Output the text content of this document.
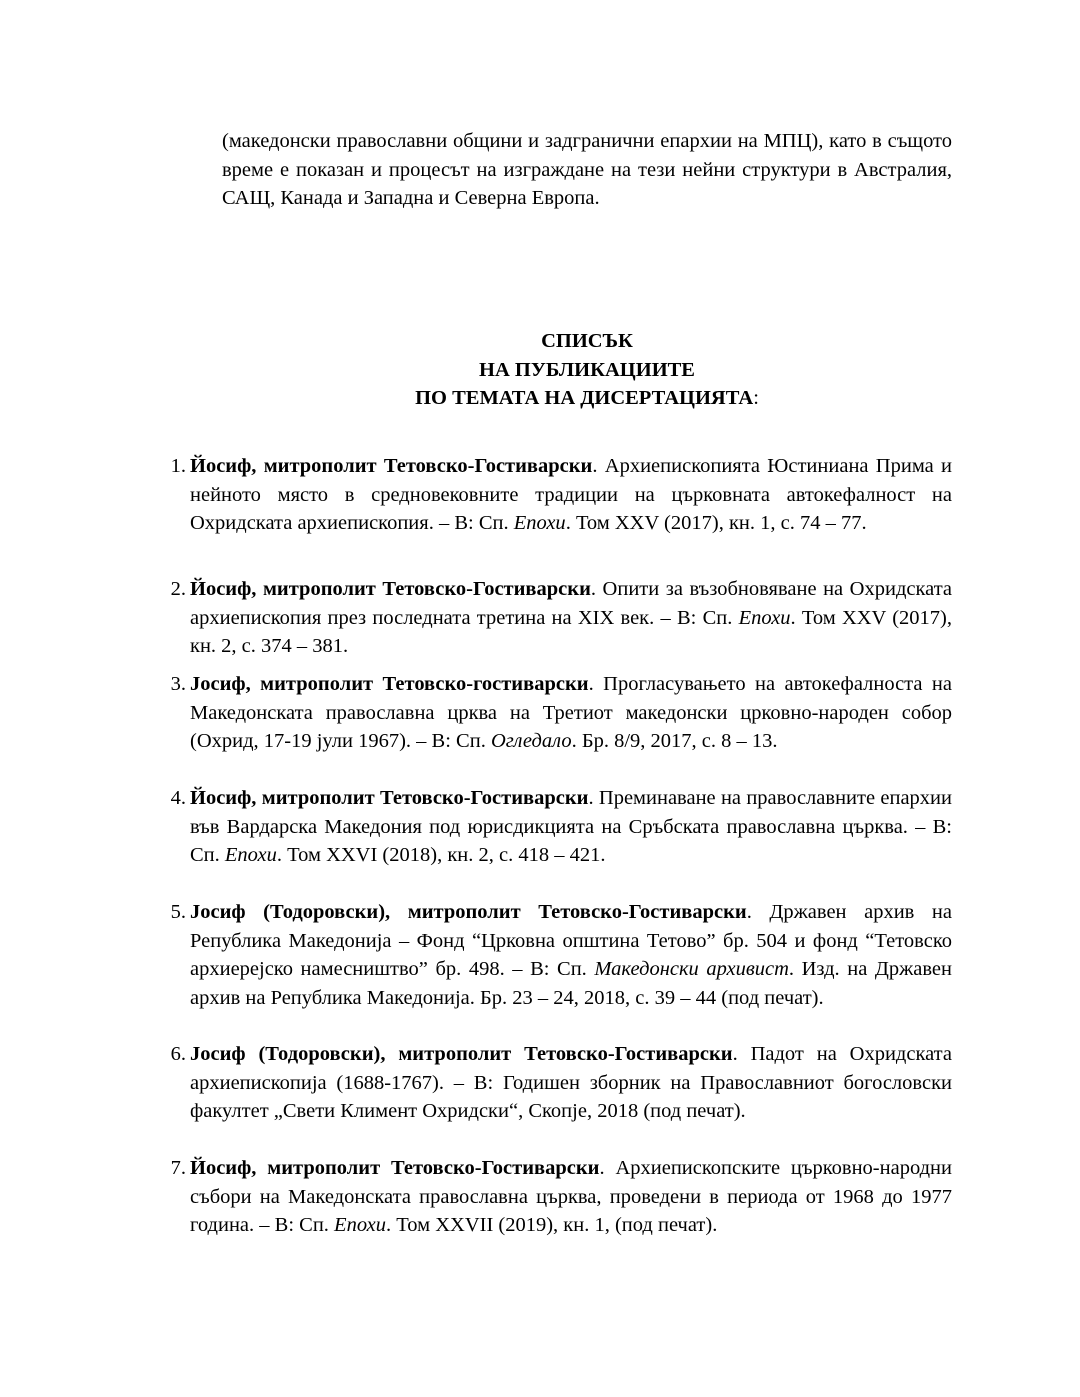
(македонски православни общини и задгранични епархии на МПЦ), като в същото време е показан и процесът на изграждане на тези нейни структури в Австралия, САЩ, Канада и Западна и Северна Европа.

СПИСЪК
НА ПУБЛИКАЦИИТЕ
ПО ТЕМАТА НА ДИСЕРТАЦИЯТА:
1. Йосиф, митрополит Тетовско-Гостиварски. Архиепископията Юстиниана Прима и нейното място в средновековните традиции на църковната автокефалност на Охридската архиепископия. – В: Сп. Епохи. Том XXV (2017), кн. 1, с. 74 – 77.
2. Йосиф, митрополит Тетовско-Гостиварски. Опити за възобновяване на Охридската архиепископия през последната третина на XIX век. – В: Сп. Епохи. Том XXV (2017), кн. 2, с. 374 – 381.
3. Јосиф, митрополит Тетовско-гостиварски. Прогласувањето на автокефалноста на Македонската православна црква на Третиот македонски црковно-народен собор (Охрид, 17-19 јули 1967). – В: Сп. Огледало. Бр. 8/9, 2017, с. 8 – 13.
4. Йосиф, митрополит Тетовско-Гостиварски. Преминаване на православните епархии във Вардарска Македония под юрисдикцията на Сръбската православна църква. – В: Сп. Епохи. Том XXVI (2018), кн. 2, с. 418 – 421.
5. Јосиф (Тодоровски), митрополит Тетовско-Гостиварски. Државен архив на Република Македонија – Фонд “Црковна општина Тетово” бр. 504 и фонд “Тетовско архиерејско намесништво” бр. 498. – В: Сп. Македонски архивист. Изд. на Државен архив на Република Македонија. Бр. 23 – 24, 2018, с. 39 – 44 (под печат).
6. Јосиф (Тодоровски), митрополит Тетовско-Гостиварски. Падот на Охридската архиепископија (1688-1767). – В: Годишен зборник на Православниот богословски факултет „Свети Климент Охридски“, Скопје, 2018 (под печат).
7. Йосиф, митрополит Тетовско-Гостиварски. Архиепископските църковно-народни събори на Македонската православна църква, проведени в периода от 1968 до 1977 година. – В: Сп. Епохи. Том XXVII (2019), кн. 1, (под печат).
